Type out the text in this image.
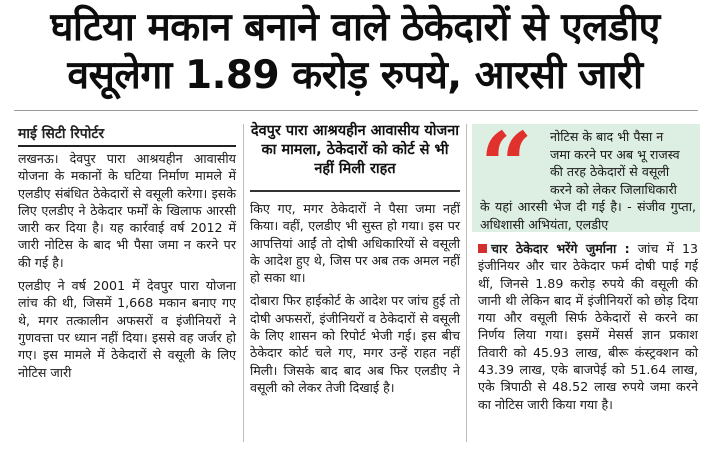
घटिया मकान बनाने वाले ठेकेदारों से एलडीए
वसूलेगा 1.89 करोड़ रुपये, आरसी जारी
माई सिटी रिपोर्टर

लखनऊ। देवपुर पारा आश्रयहीन आवासीय योजना के मकानों के घटिया निर्माण मामले में एलडीए संबंधित ठेकेदारों से वसूली करेगा। इसके लिए एलडीए ने ठेकेदार फर्मों के खिलाफ आरसी जारी कर दिया है। यह कार्रवाई वर्ष 2012 में जारी नोटिस के बाद भी पैसा जमा न करने पर की गई है।

एलडीए ने वर्ष 2001 में देवपुर पारा योजना लांच की थी, जिसमें 1,668 मकान बनाए गए थे, मगर तत्कालीन अफसरों व इंजीनियरों ने गुणवत्ता पर ध्यान नहीं दिया। इससे वह जर्जर हो गए। इस मामले में ठेकेदारों से वसूली के लिए नोटिस जारी

देवपुर पारा आश्रयहीन आवासीय योजना का मामला, ठेकेदारों को कोर्ट से भी नहीं मिली राहत

किए गए, मगर ठेकेदारों ने पैसा जमा नहीं किया। वहीं, एलडीए भी सुस्त हो गया। इस पर आपत्तियां आईं तो दोषी अधिकारियों से वसूली के आदेश हुए थे, जिस पर अब तक अमल नहीं हो सका था।

दोबारा फिर हाईकोर्ट के आदेश पर जांच हुई तो दोषी अफसरों, इंजीनियरों व ठेकेदारों से वसूली के लिए शासन को रिपोर्ट भेजी गई। इस बीच ठेकेदार कोर्ट चले गए, मगर उन्हें राहत नहीं मिली। जिसके बाद बाद अब फिर एलडीए ने वसूली को लेकर तेजी दिखाई है।

“	नोटिस के बाद भी पैसा न
जमा करने पर अब भू राजस्व
की तरह ठेकेदारों से वसूली
करने को लेकर जिलाधिकारी
के यहां आरसी भेज दी गई है। - संजीव गुप्ता, अधिशासी अभियंता, एलडीए

चार ठेकेदार भरेंगे जुर्माना : जांच में 13 इंजीनियर और चार ठेकेदार फर्म दोषी पाई गई थीं, जिनसे 1.89 करोड़ रुपये की वसूली की जानी थी लेकिन बाद में इंजीनियरों को छोड़ दिया गया और वसूली सिर्फ ठेकेदारों से करने का निर्णय लिया गया। इसमें मेसर्स ज्ञान प्रकाश तिवारी को 45.93 लाख, बीरू कंस्ट्रक्शन को 43.39 लाख, एके बाजपेई को 51.64 लाख, एके त्रिपाठी से 48.52 लाख रुपये जमा करने का नोटिस जारी किया गया है।
